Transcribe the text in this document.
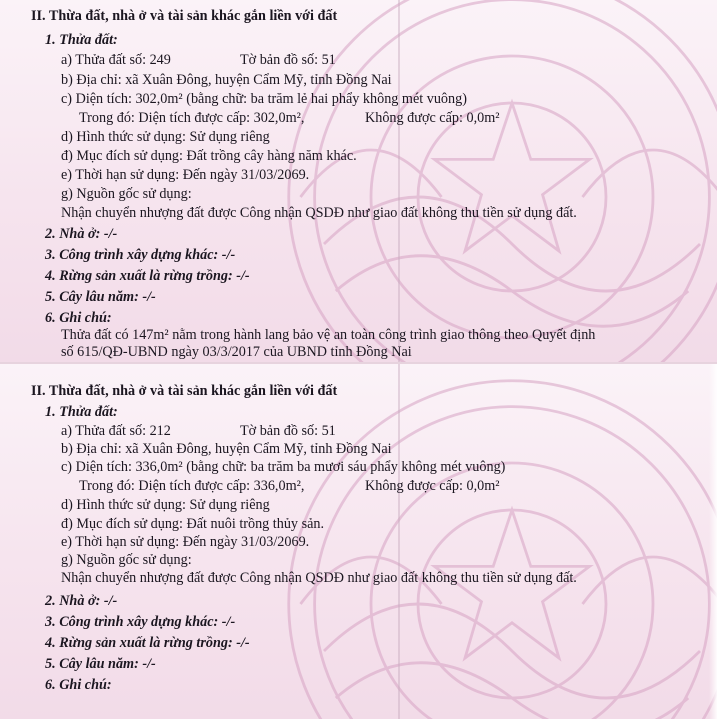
II. Thừa đất, nhà ở và tài sản khác gắn liền với đất
1. Thửa đất:
a) Thửa đất số: 249	Tờ bản đồ số: 51
b) Địa chỉ: xã Xuân Đông, huyện Cẩm Mỹ, tỉnh Đồng Nai
c) Diện tích: 302,0m² (bằng chữ: ba trăm lẻ hai phẩy không mét vuông)
Trong đó: Diện tích được cấp: 302,0m²,	Không được cấp: 0,0m²
d) Hình thức sử dụng: Sử dụng riêng
đ) Mục đích sử dụng: Đất trồng cây hàng năm khác.
e) Thời hạn sử dụng: Đến ngày 31/03/2069.
g) Nguồn gốc sử dụng:
Nhận chuyển nhượng đất được Công nhận QSDĐ như giao đất không thu tiền sử dụng đất.
2. Nhà ở: -/-
3. Công trình xây dựng khác: -/-
4. Rừng sản xuất là rừng trồng: -/-
5. Cây lâu năm: -/-
6. Ghi chú:
Thửa đất có 147m² nằm trong hành lang bảo vệ an toàn công trình giao thông theo Quyết định
số 615/QĐ-UBND ngày 03/3/2017 của UBND tỉnh Đồng Nai
II. Thừa đất, nhà ở và tài sản khác gắn liền với đất
1. Thửa đất:
a) Thửa đất số: 212	Tờ bản đồ số: 51
b) Địa chỉ: xã Xuân Đông, huyện Cẩm Mỹ, tỉnh Đồng Nai
c) Diện tích: 336,0m² (bằng chữ: ba trăm ba mươi sáu phẩy không mét vuông)
Trong đó: Diện tích được cấp: 336,0m²,	Không được cấp: 0,0m²
d) Hình thức sử dụng: Sử dụng riêng
đ) Mục đích sử dụng: Đất nuôi trồng thủy sản.
e) Thời hạn sử dụng: Đến ngày 31/03/2069.
g) Nguồn gốc sử dụng:
Nhận chuyển nhượng đất được Công nhận QSDĐ như giao đất không thu tiền sử dụng đất.
2. Nhà ở: -/-
3. Công trình xây dựng khác: -/-
4. Rừng sản xuất là rừng trồng: -/-
5. Cây lâu năm: -/-
6. Ghi chú:
